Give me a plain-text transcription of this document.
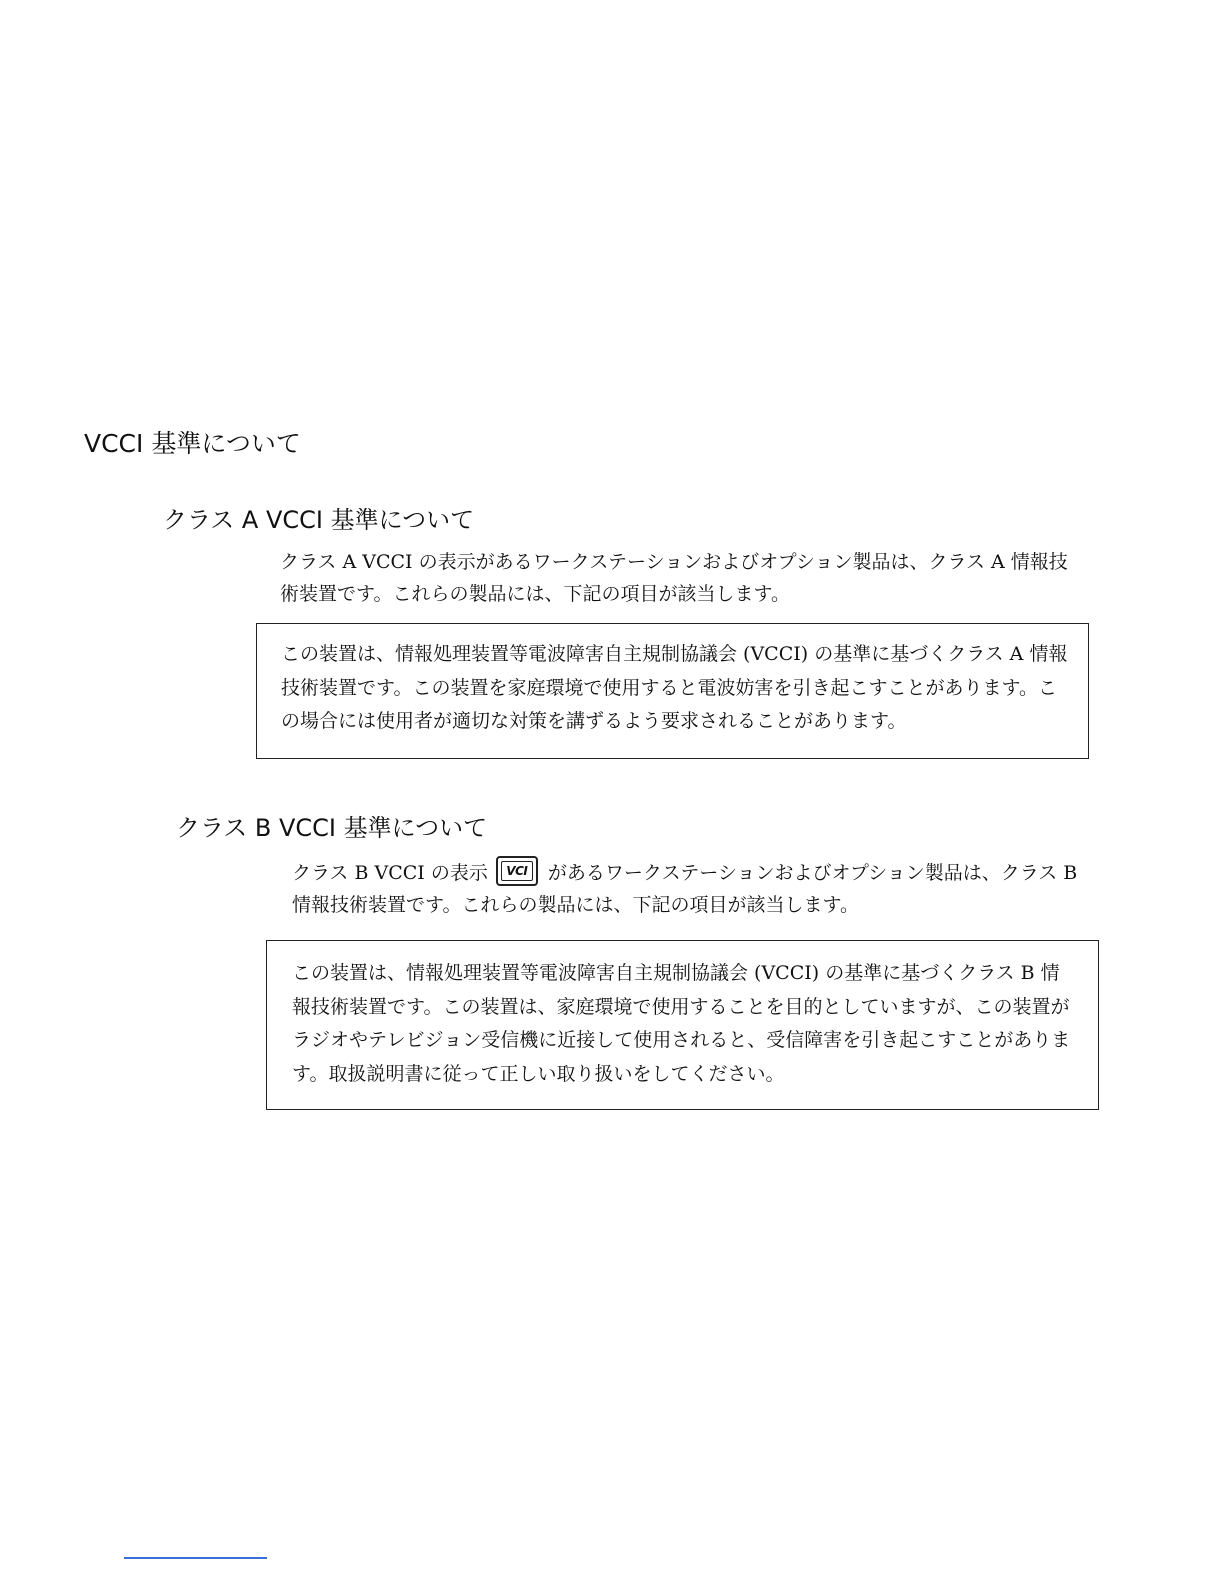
VCCI 基準について
クラス A VCCI 基準について

クラス A VCCI の表示があるワークステーションおよびオプション製品は、クラス A 情報技術装置です。これらの製品には、下記の項目が該当します。

この装置は、情報処理装置等電波障害自主規制協議会 (VCCI) の基準に基づくクラス A 情報技術装置です。この装置を家庭環境で使用すると電波妨害を引き起こすことがあります。この場合には使用者が適切な対策を講ずるよう要求されることがあります。

クラス B VCCI 基準について

クラス B VCCI の表示	VCI があるワークステーションおよびオプション製品は、クラス B 情報技術装置です。これらの製品には、下記の項目が該当します。

この装置は、情報処理装置等電波障害自主規制協議会 (VCCI) の基準に基づくクラス B 情報技術装置です。この装置は、家庭環境で使用することを目的としていますが、この装置がラジオやテレビジョン受信機に近接して使用されると、受信障害を引き起こすことがあります。取扱説明書に従って正しい取り扱いをしてください。
